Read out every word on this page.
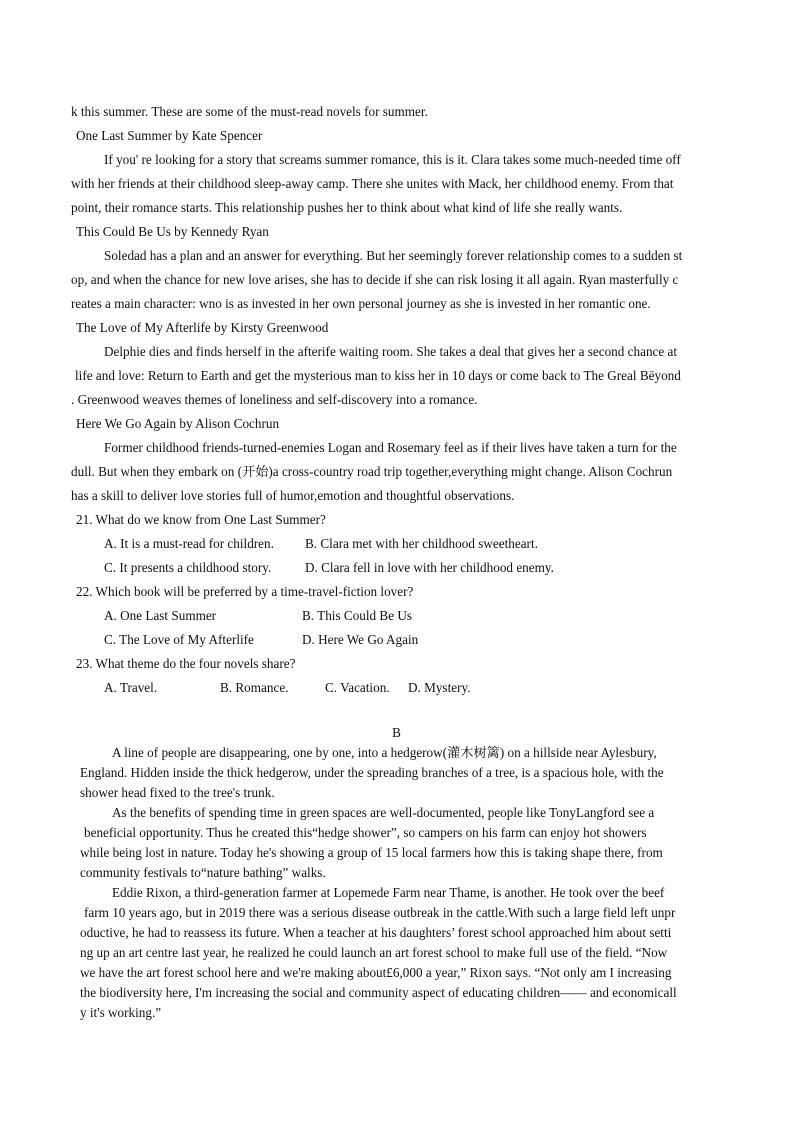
k this summer. These are some of the must-read novels for summer.
One Last Summer by Kate Spencer
If you' re looking for a story that screams summer romance, this is it. Clara takes some much-needed time off
with her friends at their childhood sleep-away camp. There she unites with Mack, her childhood enemy. From that
point, their romance starts. This relationship pushes her to think about what kind of life she really wants.
This Could Be Us by Kennedy Ryan
Soledad has a plan and an answer for everything. But her seemingly forever relationship comes to a sudden st
op, and when the chance for new love arises, she has to decide if she can risk losing it all again. Ryan masterfully c
reates a main character: wno is as invested in her own personal journey as she is invested in her romantic one.
The Love of My Afterlife by Kirsty Greenwood
Delphie dies and finds herself in the afterife waiting room. She takes a deal that gives her a second chance at
life and love: Return to Earth and get the mysterious man to kiss her in 10 days or come back to The Greal Bēyond
. Greenwood weaves themes of loneliness and self-discovery into a romance.
Here We Go Again by Alison Cochrun
Former childhood friends-turned-enemies Logan and Rosemary feel as if their lives have taken a turn for the
dull. But when they embark on (开始)a cross-country road trip together,everything might change. Alison Cochrun
has a skill to deliver love stories full of humor,emotion and thoughtful observations.
21. What do we know from One Last Summer?
A. It is a must-read for children. B. Clara met with her childhood sweetheart.
C. It presents a childhood story.	D. Clara fell in love with her childhood enemy.
22. Which book will be preferred by a time-travel-fiction lover?
A. One Last Summer	B. This Could Be Us
C. The Love of My Afterlife	D. Here We Go Again
23. What theme do the four novels share?
A. Travel.	B. Romance.	C. Vacation. D. Mystery.
B
A line of people are disappearing, one by one, into a hedgerow(灌木树篱) on a hillside near Aylesbury,
England. Hidden inside the thick hedgerow, under the spreading branches of a tree, is a spacious hole, with the
shower head fixed to the tree's trunk.
As the benefits of spending time in green spaces are well-documented, people like TonyLangford see a
beneficial opportunity. Thus he created this“hedge shower”, so campers on his farm can enjoy hot showers
while being lost in nature. Today he's showing a group of 15 local farmers how this is taking shape there, from
community festivals to“nature bathing” walks.
Eddie Rixon, a third-generation farmer at Lopemede Farm near Thame, is another. He took over the beef
farm 10 years ago, but in 2019 there was a serious disease outbreak in the cattle.With such a large field left unpr
oductive, he had to reassess its future. When a teacher at his daughters’ forest school approached him about setti
ng up an art centre last year, he realized he could launch an art forest school to make full use of the field. “Now
we have the art forest school here and we're making about£6,000 a year,” Rixon says. “Not only am I increasing
the biodiversity here, I'm increasing the social and community aspect of educating children—— and economicall
y it's working.”
